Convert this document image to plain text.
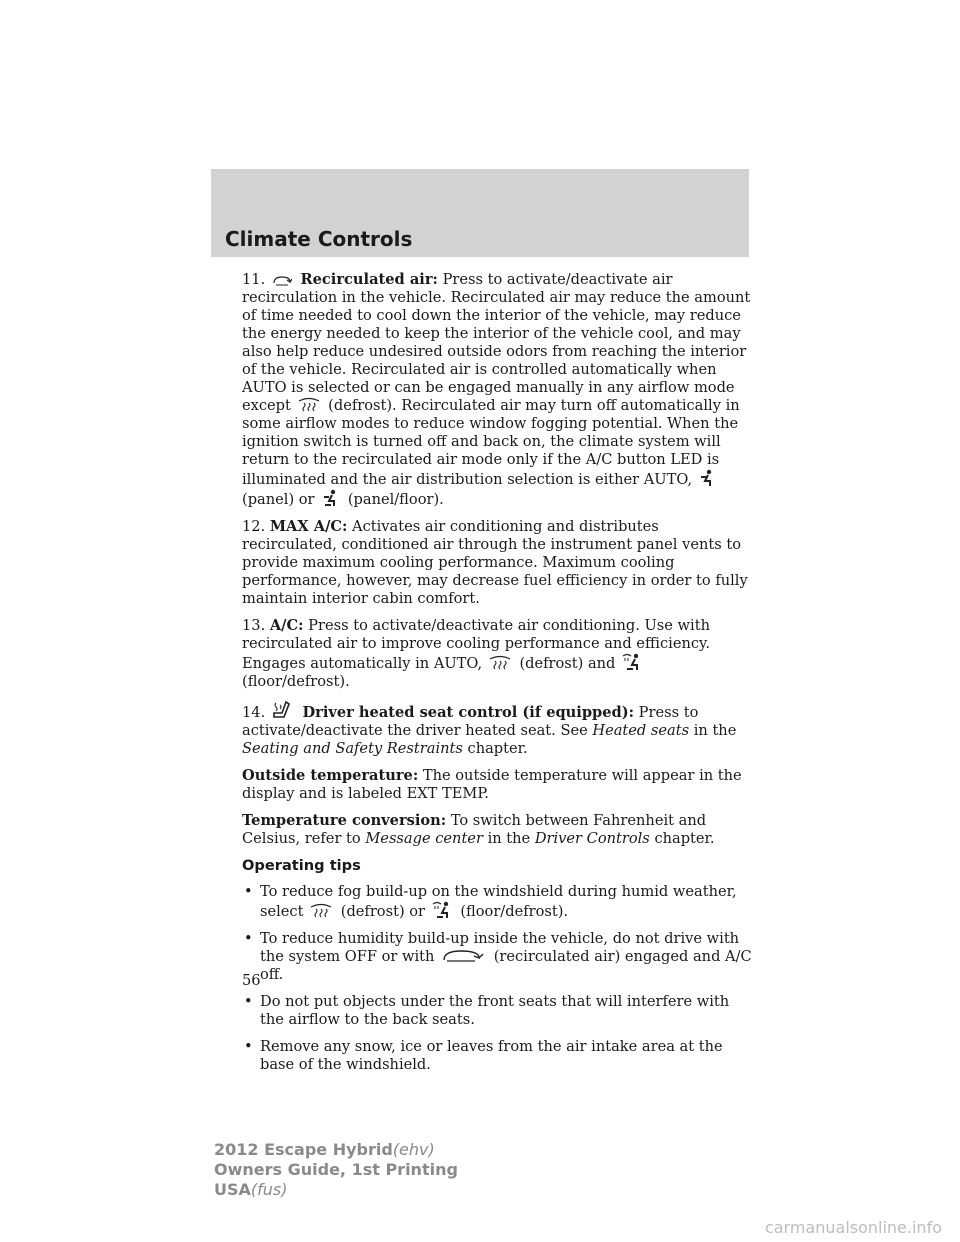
Climate Controls

11. Recirculated air: Press to activate/deactivate air recirculation in the vehicle. Recirculated air may reduce the amount of time needed to cool down the interior of the vehicle, may reduce the energy needed to keep the interior of the vehicle cool, and may also help reduce undesired outside odors from reaching the interior of the vehicle. Recirculated air is controlled automatically when AUTO is selected or can be engaged manually in any airflow mode except	(defrost). Recirculated air may turn off automatically in some airflow modes to reduce window fogging potential. When the ignition switch is turned off and back on, the climate system will return to the recirculated air mode only if the A/C button LED is illuminated and the air distribution selection is either AUTO,
(panel) or (panel/floor).

12. MAX A/C: Activates air conditioning and distributes recirculated, conditioned air through the instrument panel vents to provide maximum cooling performance. Maximum cooling performance, however, may decrease fuel efficiency in order to fully maintain interior cabin comfort.

13. A/C: Press to activate/deactivate air conditioning. Use with recirculated air to improve cooling performance and efficiency. Engages automatically in AUTO,	(defrost) and
(floor/defrost).

14.	Driver heated seat control (if equipped): Press to activate/deactivate the driver heated seat. See Heated seats in the Seating and Safety Restraints chapter.

Outside temperature: The outside temperature will appear in the display and is labeled EXT TEMP.

Temperature conversion: To switch between Fahrenheit and Celsius, refer to Message center in the Driver Controls chapter.

Operating tips
• To reduce fog build-up on the windshield during humid weather, select	(defrost) or (floor/defrost).
• To reduce humidity build-up inside the vehicle, do not drive with the system OFF or with	(recirculated air) engaged and A/C off.
• Do not put objects under the front seats that will interfere with the airflow to the back seats.
• Remove any snow, ice or leaves from the air intake area at the base of the windshield.
56
2012 Escape Hybrid(ehv)
Owners Guide, 1st Printing
USA(fus)
carmanualsonline.info
